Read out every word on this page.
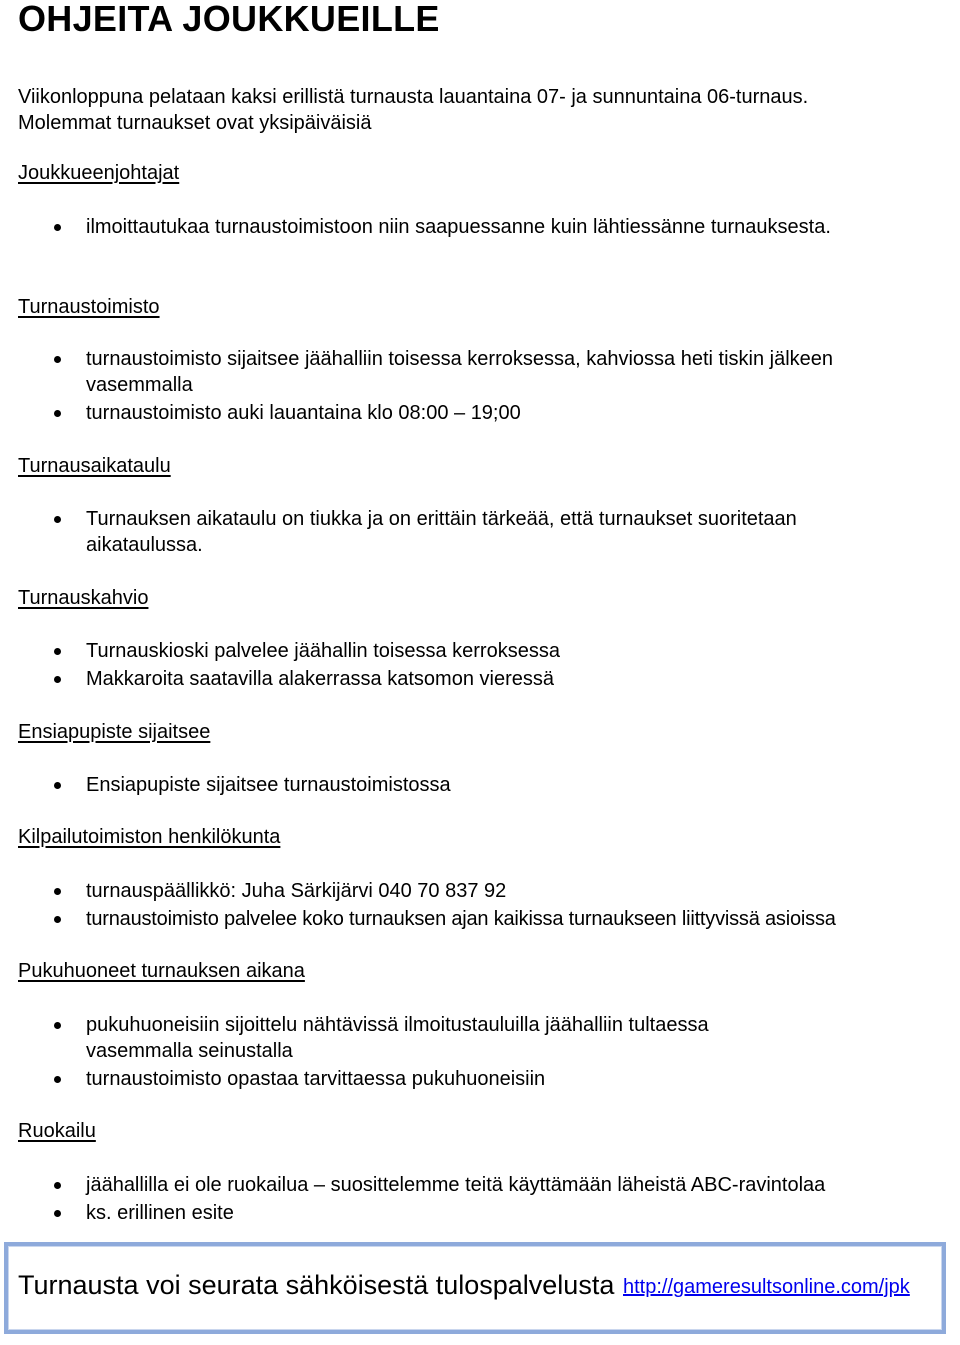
OHJEITA JOUKKUEILLE
Viikonloppuna pelataan kaksi erillistä turnausta lauantaina 07- ja sunnuntaina 06-turnaus.
Molemmat turnaukset ovat yksipäiväisiä
Joukkueenjohtajat
ilmoittautukaa turnaustoimistoon niin saapuessanne kuin lähtiessänne turnauksesta.
Turnaustoimisto
turnaustoimisto sijaitsee jäähalliin toisessa kerroksessa, kahviossa heti tiskin jälkeen vasemmalla
turnaustoimisto auki lauantaina klo 08:00 – 19;00
Turnausaikataulu
Turnauksen aikataulu on tiukka ja on erittäin tärkeää, että turnaukset suoritetaan aikataulussa.
Turnauskahvio
Turnauskioski palvelee jäähallin toisessa kerroksessa
Makkaroita saatavilla alakerrassa katsomon vieressä
Ensiapupiste sijaitsee
Ensiapupiste sijaitsee turnaustoimistossa
Kilpailutoimiston henkilökunta
turnauspäällikkö: Juha Särkijärvi 040 70 837 92
turnaustoimisto palvelee koko turnauksen ajan kaikissa turnaukseen liittyvissä asioissa
Pukuhuoneet turnauksen aikana
pukuhuoneisiin sijoittelu nähtävissä ilmoitustauluilla jäähalliin tultaessa vasemmalla seinustalla
turnaustoimisto opastaa tarvittaessa pukuhuoneisiin
Ruokailu
jäähallilla ei ole ruokailua – suosittelemme teitä käyttämään läheistä ABC-ravintolaa
ks. erillinen esite
Turnausta voi seurata sähköisestä tulospalvelusta http://gameresultsonline.com/jpk
